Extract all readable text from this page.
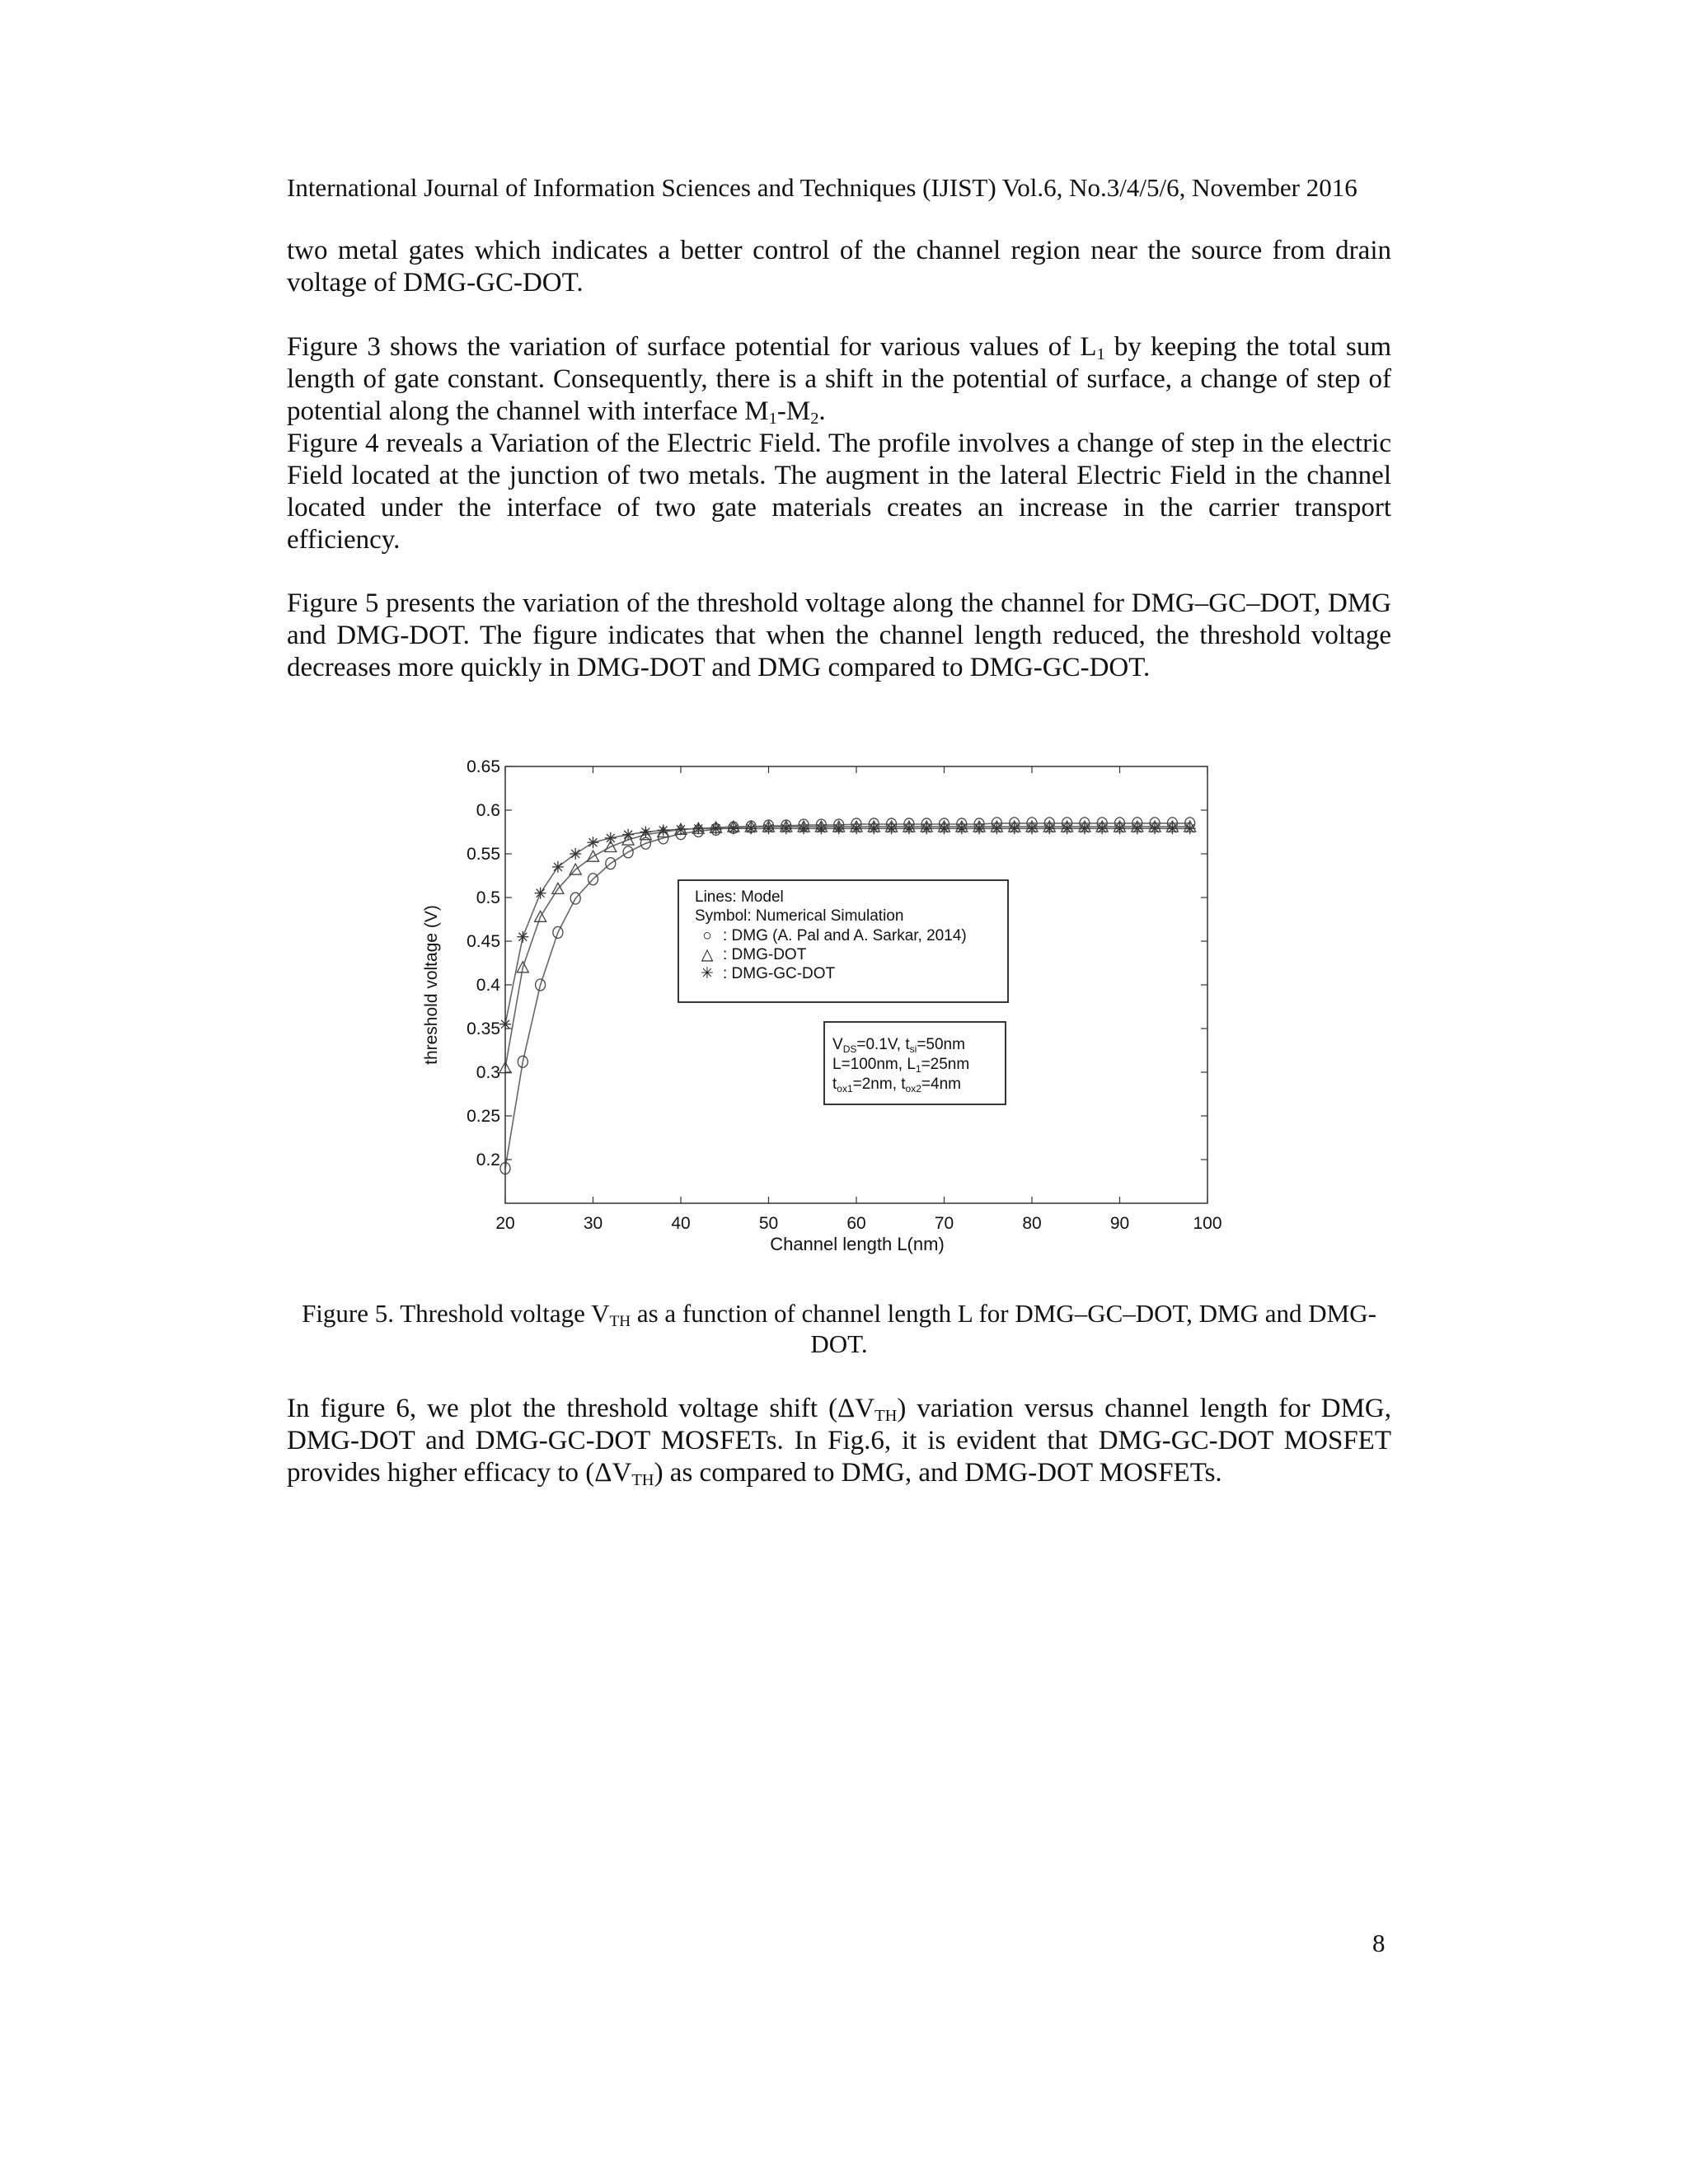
International Journal of Information Sciences and Techniques (IJIST) Vol.6, No.3/4/5/6, November 2016
two metal gates which indicates a better control of the channel region near the source from drain voltage of DMG-GC-DOT.
Figure 3 shows the variation of surface potential for various values of $L_1$ by keeping the total sum length of gate constant. Consequently, there is a shift in the potential of surface, a change of step of potential along the channel with interface $M_1-M_2$.
Figure 4 reveals a Variation of the Electric Field. The profile involves a change of step in the electric Field located at the junction of two metals. The augment in the lateral Electric Field in the channel located under the interface of two gate materials creates an increase in the carrier transport efficiency.
Figure 5 presents the variation of the threshold voltage along the channel for DMG–GC–DOT, DMG and DMG-DOT. The figure indicates that when the channel length reduced, the threshold voltage decreases more quickly in DMG-DOT and DMG compared to DMG-GC-DOT.
20	30	40	50	60	70	80	90	100
0.2
0.25
0.3
0.35
0.4
0.45
0.5
0.55
0.6
0.65
Channel length L(nm)
threshold voltage (V)
Lines: Model
Symbol: Numerical Simulation
○ : DMG (A. Pal and A. Sarkar, 2014)
△ : DMG-DOT
✳ : DMG-GC-DOT
$V_{DS}=0.1V$, $t_{si}=50nm$
L=100nm, $L_1=25nm$
$t_{ox1}=2nm$, $t_{ox2}=4nm$
Figure 5. Threshold voltage $V_{TH}$ as a function of channel length L for DMG–GC–DOT, DMG and DMG-DOT.
In figure 6, we plot the threshold voltage shift $(\Delta V_{TH})$ variation versus channel length for DMG, DMG-DOT and DMG-GC-DOT MOSFETs. In Fig.6, it is evident that DMG-GC-DOT MOSFET provides higher efficacy to $(\Delta V_{TH})$ as compared to DMG, and DMG-DOT MOSFETs.
8
